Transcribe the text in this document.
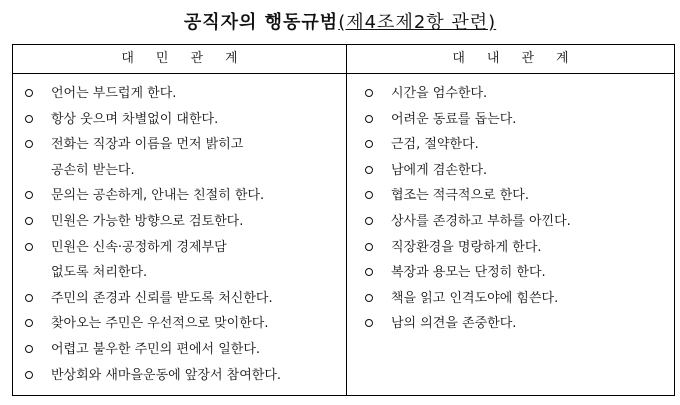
공직자의 행동규범(제4조제2항 관련)
대민관계	대내관계
언어는 부드럽게 한다.
항상 웃으며 차별없이 대한다.
전화는 직장과 이름을 먼저 밝히고
공손히 받는다.
문의는 공손하게, 안내는 친절히 한다.
민원은 가능한 방향으로 검토한다.
민원은 신속·공정하게 경제부담
없도록 처리한다.
주민의 존경과 신뢰를 받도록 처신한다.
찾아오는 주민은 우선적으로 맞이한다.
어렵고 불우한 주민의 편에서 일한다.
반상회와 새마을운동에 앞장서 참여한다.
시간을 엄수한다.
어려운 동료를 돕는다.
근검, 절약한다.
남에게 겸손한다.
협조는 적극적으로 한다.
상사를 존경하고 부하를 아낀다.
직장환경을 명랑하게 한다.
복장과 용모는 단정히 한다.
책을 읽고 인격도야에 힘쓴다.
남의 의견을 존중한다.
